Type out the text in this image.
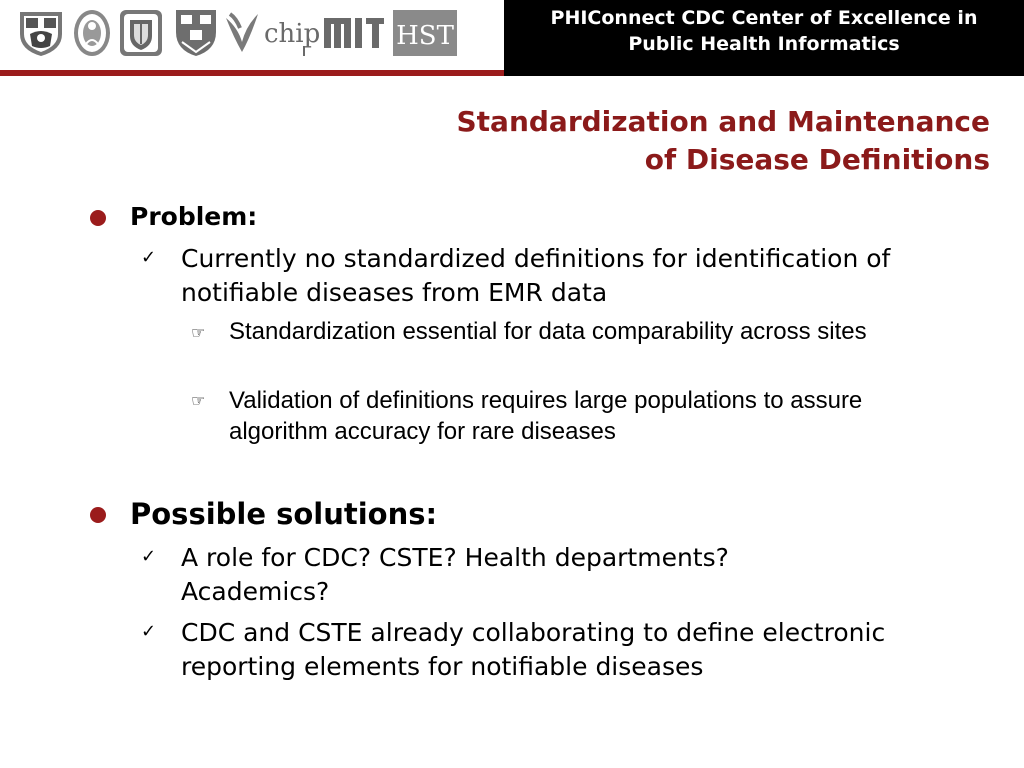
chip	HST
PHIConnect CDC Center of Excellence in Public Health Informatics
Standardization and Maintenance
of Disease Definitions
Problem:
✓ Currently no standardized definitions for identification of notifiable diseases from EMR data
☞ Standardization essential for data comparability across sites
☞ Validation of definitions requires large populations to assure algorithm accuracy for rare diseases
Possible solutions:
✓ A role for CDC? CSTE? Health departments? Academics?
✓ CDC and CSTE already collaborating to define electronic reporting elements for notifiable diseases
